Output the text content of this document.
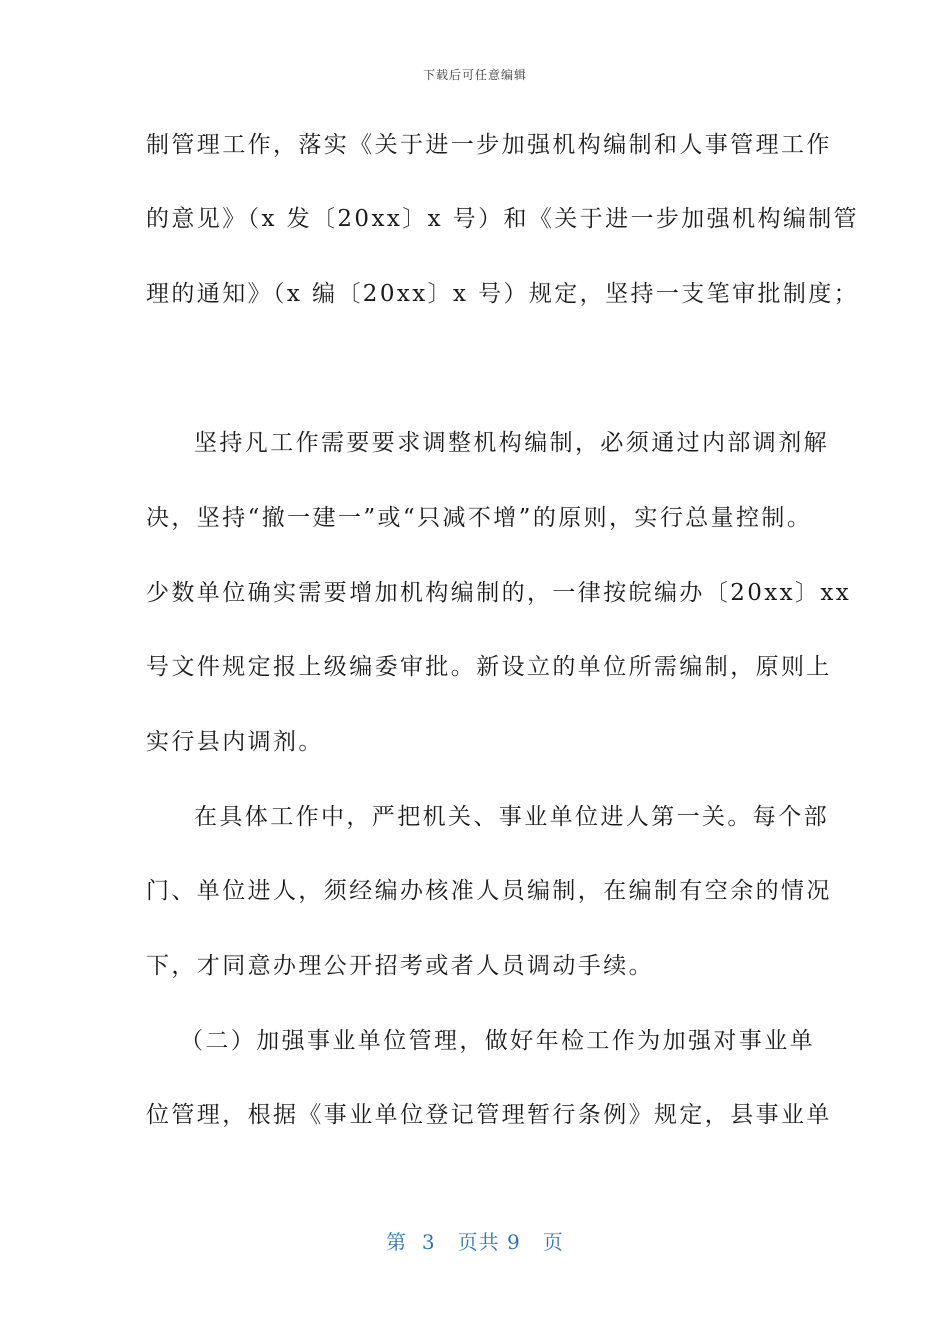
下载后可任意编辑
制管理工作，落实《关于进一步加强机构编制和人事管理工作
的意见》（x 发〔20xx〕x 号）和《关于进一步加强机构编制管
理的通知》（x 编〔20xx〕x 号）规定，坚持一支笔审批制度；
坚持凡工作需要要求调整机构编制，必须通过内部调剂解
决，坚持“撤一建一”或“只减不增”的原则，实行总量控制。
少数单位确实需要增加机构编制的，一律按皖编办〔20xx〕xx
号文件规定报上级编委审批。新设立的单位所需编制，原则上
实行县内调剂。
在具体工作中，严把机关、事业单位进人第一关。每个部
门、单位进人，须经编办核准人员编制，在编制有空余的情况
下，才同意办理公开招考或者人员调动手续。
（二）加强事业单位管理，做好年检工作为加强对事业单
位管理，根据《事业单位登记管理暂行条例》规定，县事业单
第  3   页共 9   页
